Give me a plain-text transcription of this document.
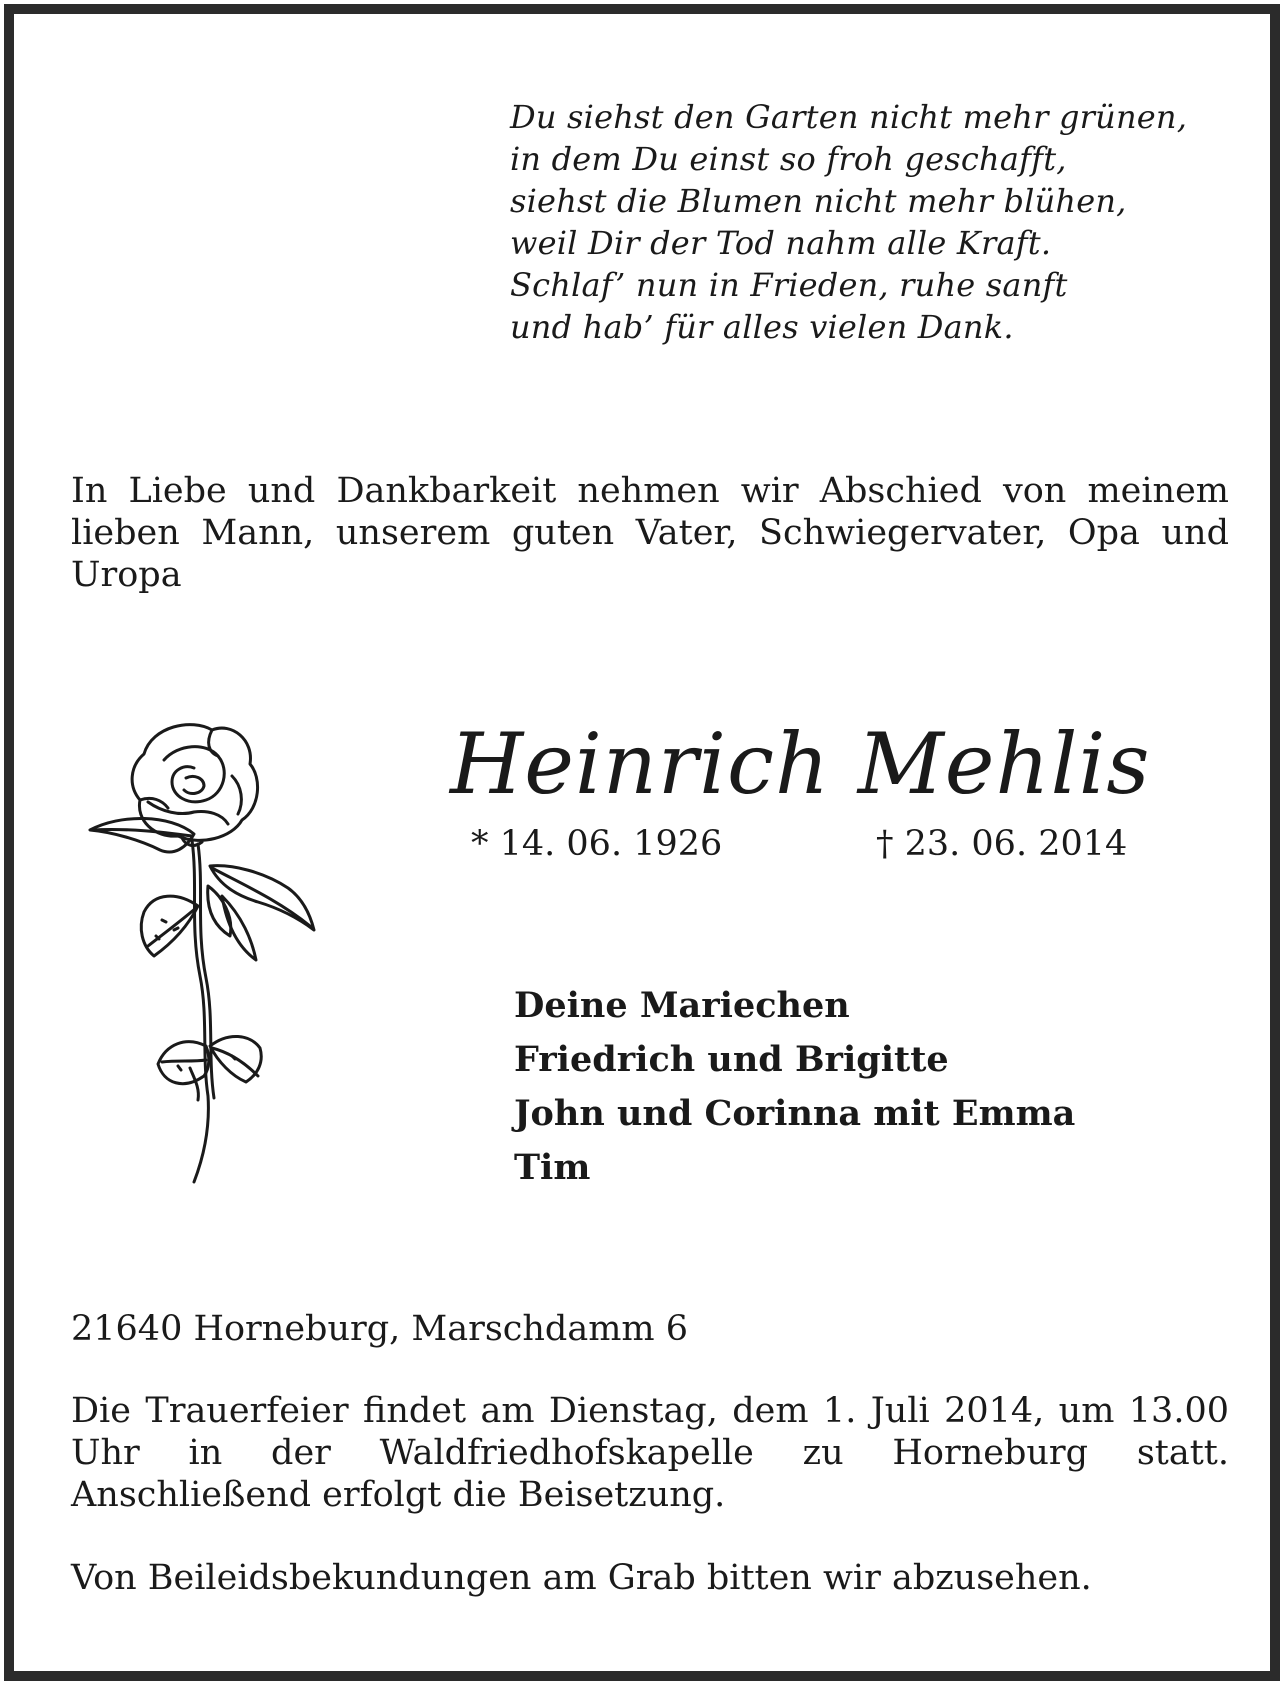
Du siehst den Garten nicht mehr grünen,
in dem Du einst so froh geschafft,
siehst die Blumen nicht mehr blühen,
weil Dir der Tod nahm alle Kraft.
Schlaf’ nun in Frieden, ruhe sanft
und hab’ für alles vielen Dank.
In Liebe und Dankbarkeit nehmen wir Abschied von meinem lieben Mann, unserem guten Vater, Schwiegervater, Opa und Uropa
Heinrich Mehlis
* 14. 06. 1926	† 23. 06. 2014
Deine Mariechen
Friedrich und Brigitte
John und Corinna mit Emma
Tim
21640 Horneburg, Marschdamm 6
Die Trauerfeier findet am Dienstag, dem 1. Juli 2014, um 13.00 Uhr in der Waldfriedhofskapelle zu Horneburg statt. Anschließend erfolgt die Beisetzung.
Von Beileidsbekundungen am Grab bitten wir abzusehen.
